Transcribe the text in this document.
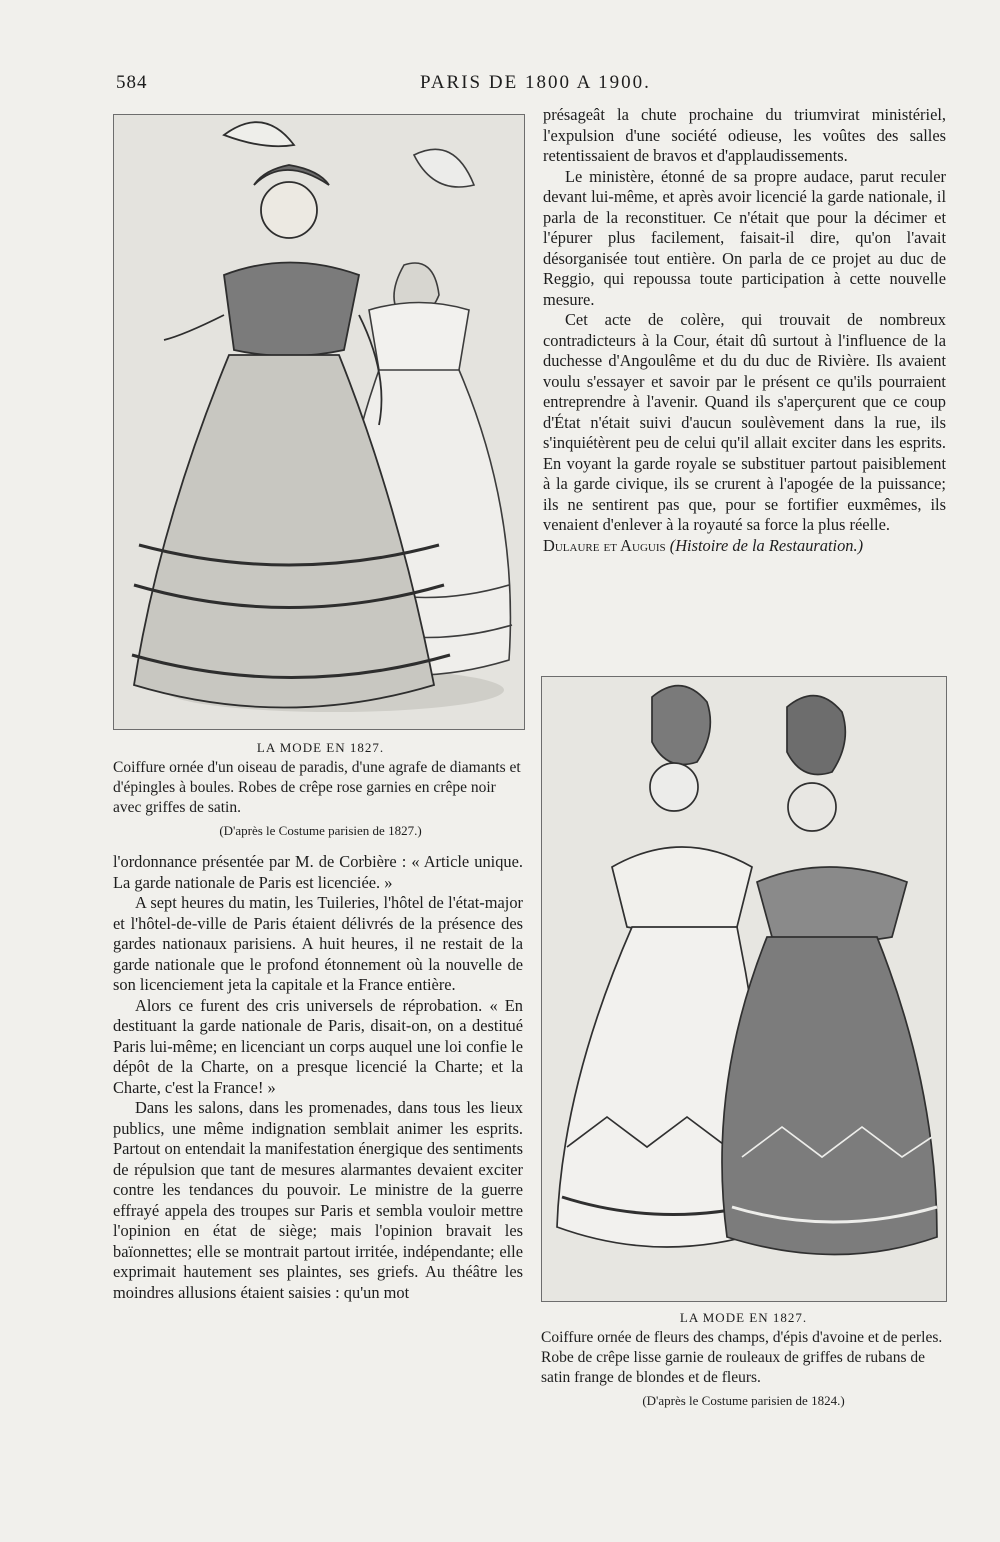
584	PARIS DE 1800 A 1900.
LA MODE EN 1827.
Coiffure ornée d'un oiseau de paradis, d'une agrafe de diamants et d'épingles à boules. Robes de crêpe rose garnies en crêpe noir avec griffes de satin.
(D'après le Costume parisien de 1827.)

l'ordonnance présentée par M. de Corbière : « Article unique. La garde nationale de Paris est licenciée. »

A sept heures du matin, les Tuileries, l'hôtel de l'état-major et l'hôtel-de-ville de Paris étaient délivrés de la présence des gardes nationaux parisiens. A huit heures, il ne restait de la garde nationale que le profond étonnement où la nouvelle de son licenciement jeta la capitale et la France entière.

Alors ce furent des cris universels de réprobation. « En destituant la garde nationale de Paris, disait-on, on a destitué Paris lui-même; en licenciant un corps auquel une loi confie le dépôt de la Charte, on a presque licencié la Charte; et la Charte, c'est la France! »

Dans les salons, dans les promenades, dans tous les lieux publics, une même indignation semblait animer les esprits. Partout on entendait la manifestation énergique des sentiments de répulsion que tant de mesures alarmantes devaient exciter contre les tendances du pouvoir. Le ministre de la guerre effrayé appela des troupes sur Paris et sembla vouloir mettre l'opinion en état de siège; mais l'opinion bravait les baïonnettes; elle se montrait partout irritée, indépendante; elle exprimait hautement ses plaintes, ses griefs. Au théâtre les moindres allusions étaient saisies : qu'un mot

présageât la chute prochaine du triumvirat ministériel, l'expulsion d'une société odieuse, les voûtes des salles retentissaient de bravos et d'applaudissements.

Le ministère, étonné de sa propre audace, parut reculer devant lui-même, et après avoir licencié la garde nationale, il parla de la reconstituer. Ce n'était que pour la décimer et l'épurer plus facilement, faisait-il dire, qu'on l'avait désorganisée tout entière. On parla de ce projet au duc de Reggio, qui repoussa toute participation à cette nouvelle mesure.

Cet acte de colère, qui trouvait de nombreux contradicteurs à la Cour, était dû surtout à l'influence de la duchesse d'Angoulême et du du duc de Rivière. Ils avaient voulu s'essayer et savoir par le présent ce qu'ils pourraient entreprendre à l'avenir. Quand ils s'aperçurent que ce coup d'État n'était suivi d'aucun soulèvement dans la rue, ils s'inquiétèrent peu de celui qu'il allait exciter dans les esprits. En voyant la garde royale se substituer partout paisiblement à la garde civique, ils se crurent à l'apogée de la puissance; ils ne sentirent pas que, pour se fortifier euxmêmes, ils venaient d'enlever à la royauté sa force la plus réelle.

Dulaure et Auguis (Histoire de la Restauration.)

LA MODE EN 1827.
Coiffure ornée de fleurs des champs, d'épis d'avoine et de perles. Robe de crêpe lisse garnie de rouleaux de griffes de rubans de satin frange de blondes et de fleurs.
(D'après le Costume parisien de 1824.)
